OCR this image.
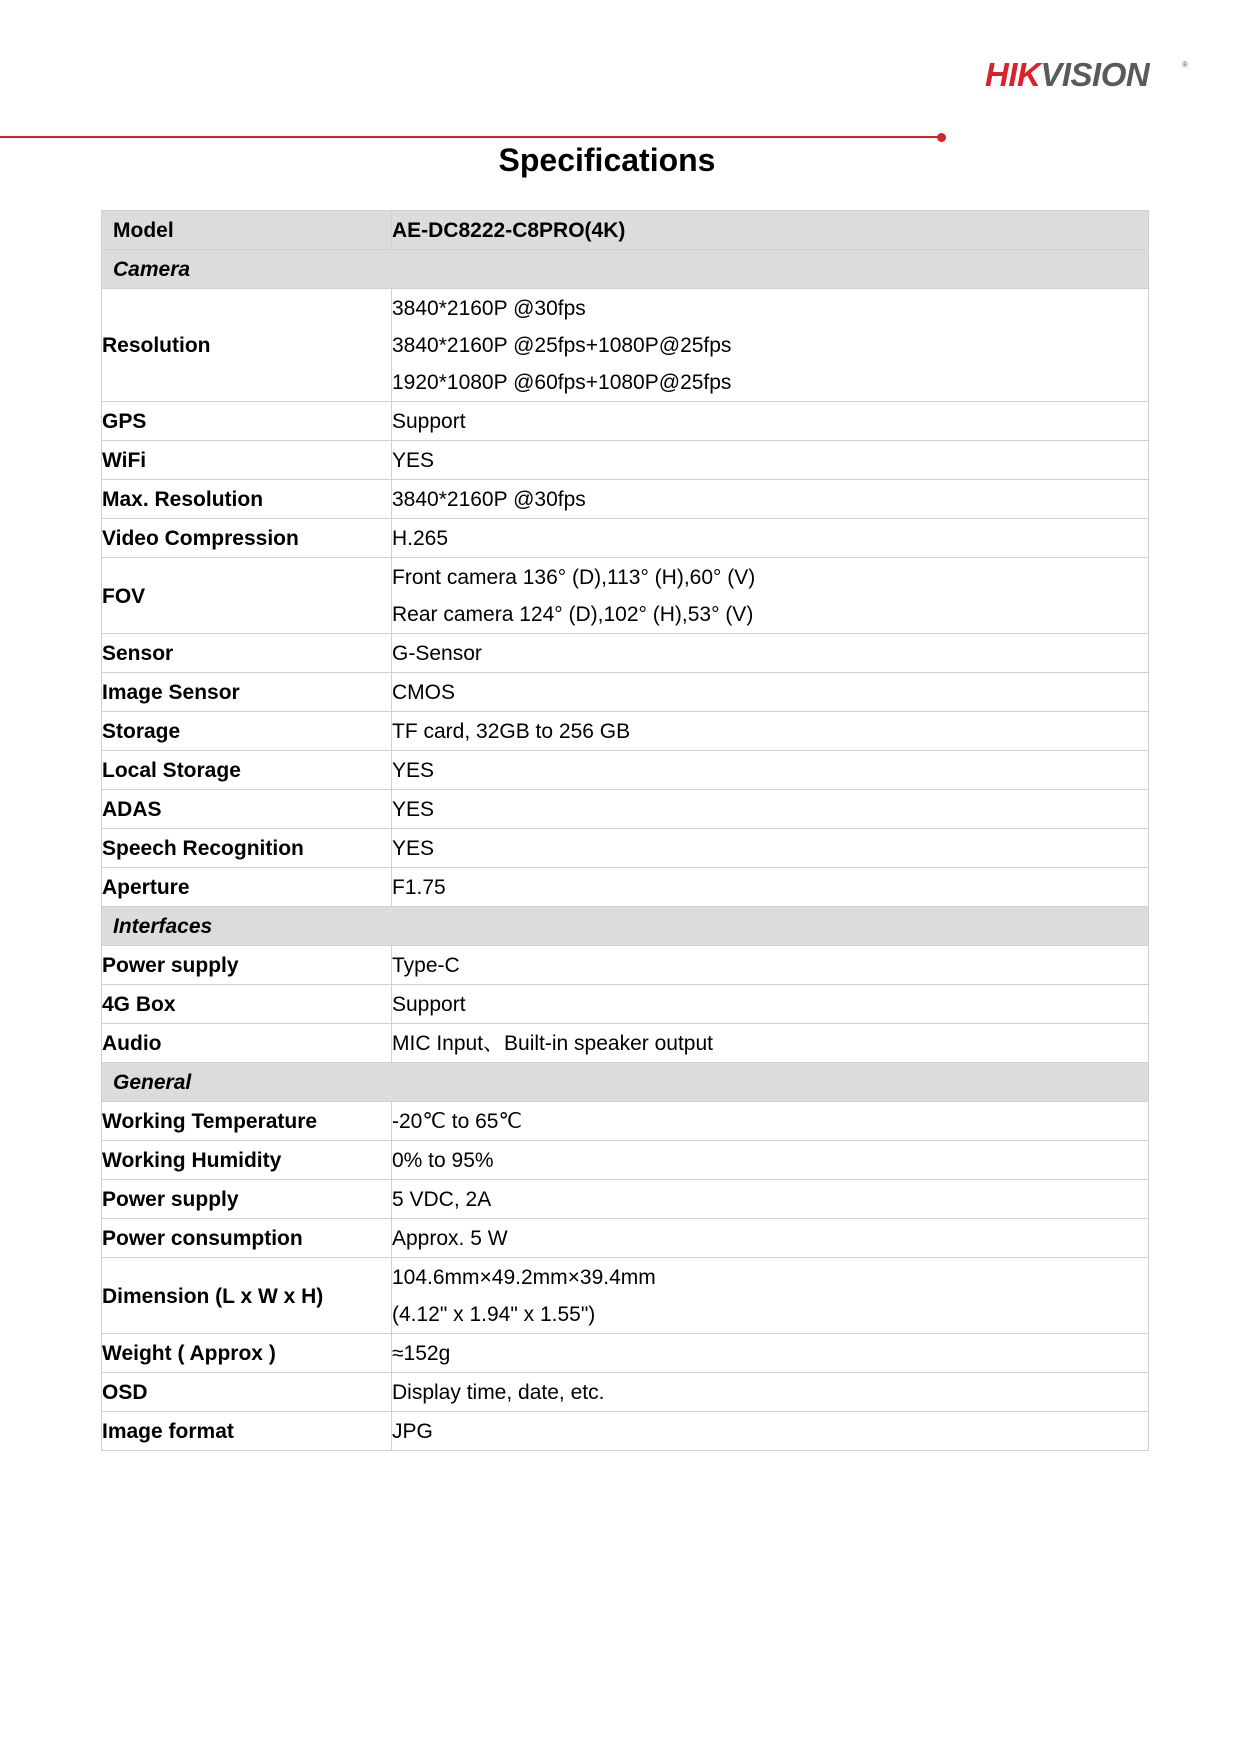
HIKVISION	®
Specifications
Model	AE-DC8222-C8PRO(4K)
Camera	
Resolution	3840*2160P @30fps
3840*2160P @25fps+1080P@25fps
1920*1080P @60fps+1080P@25fps

GPS	Support
WiFi	YES
Max. Resolution	3840*2160P @30fps
Video Compression	H.265
FOV	Front camera 136° (D),113° (H),60° (V)
Rear camera 124° (D),102° (H),53° (V)

Sensor	G-Sensor
Image Sensor	CMOS
Storage	TF card, 32GB to 256 GB
Local Storage	YES
ADAS	YES
Speech Recognition	YES
Aperture	F1.75
Interfaces	
Power supply	Type-C
4G Box	Support
Audio	MIC Input、Built-in speaker output
General	
Working Temperature	-20℃ to 65℃
Working Humidity	0% to 95%
Power supply	5 VDC, 2A
Power consumption	Approx. 5 W
Dimension (L x W x H)	104.6mm×49.2mm×39.4mm
(4.12" x 1.94" x 1.55")

Weight ( Approx )	≈152g
OSD	Display time, date, etc.
Image format	JPG
